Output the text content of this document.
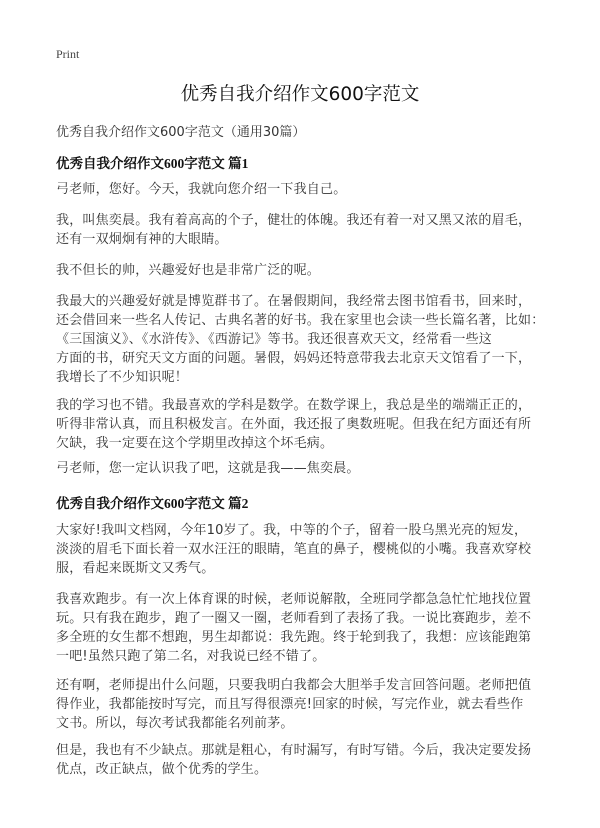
Print
优秀自我介绍作文600字范文

优秀自我介绍作文600字范文（通用30篇）

优秀自我介绍作文600字范文 篇1

弓老师，您好。今天，我就向您介绍一下我自己。

我，叫焦奕晨。我有着高高的个子，健壮的体魄。我还有着一对又黑又浓的眉毛，
还有一双炯炯有神的大眼睛。

我不但长的帅，兴趣爱好也是非常广泛的呢。

我最大的兴趣爱好就是博览群书了。在暑假期间，我经常去图书馆看书，回来时，
还会借回来一些名人传记、古典名著的好书。我在家里也会读一些长篇名著，比如：
《三国演义》、《水浒传》、《西游记》等书。我还很喜欢天文，经常看一些这
方面的书，研究天文方面的问题。暑假，妈妈还特意带我去北京天文馆看了一下，
我增长了不少知识呢！

我的学习也不错。我最喜欢的学科是数学。在数学课上，我总是坐的端端正正的，
听得非常认真，而且积极发言。在外面，我还报了奥数班呢。但我在纪方面还有所
欠缺，我一定要在这个学期里改掉这个坏毛病。

弓老师，您一定认识我了吧，这就是我——焦奕晨。

优秀自我介绍作文600字范文 篇2

大家好!我叫文档网，今年10岁了。我，中等的个子，留着一股乌黑光亮的短发，
淡淡的眉毛下面长着一双水汪汪的眼睛，笔直的鼻子，樱桃似的小嘴。我喜欢穿校
服，看起来既斯文又秀气。

我喜欢跑步。有一次上体育课的时候，老师说解散，全班同学都急急忙忙地找位置
玩。只有我在跑步，跑了一圈又一圈，老师看到了表扬了我。一说比赛跑步，差不
多全班的女生都不想跑，男生却都说：我先跑。终于轮到我了，我想：应该能跑第
一吧!虽然只跑了第二名，对我说已经不错了。

还有啊，老师提出什么问题，只要我明白我都会大胆举手发言回答问题。老师把值
得作业，我都能按时写完，而且写得很漂亮!回家的时候，写完作业，就去看些作
文书。所以，每次考试我都能名列前茅。

但是，我也有不少缺点。那就是粗心，有时漏写，有时写错。今后，我决定要发扬
优点，改正缺点，做个优秀的学生。
